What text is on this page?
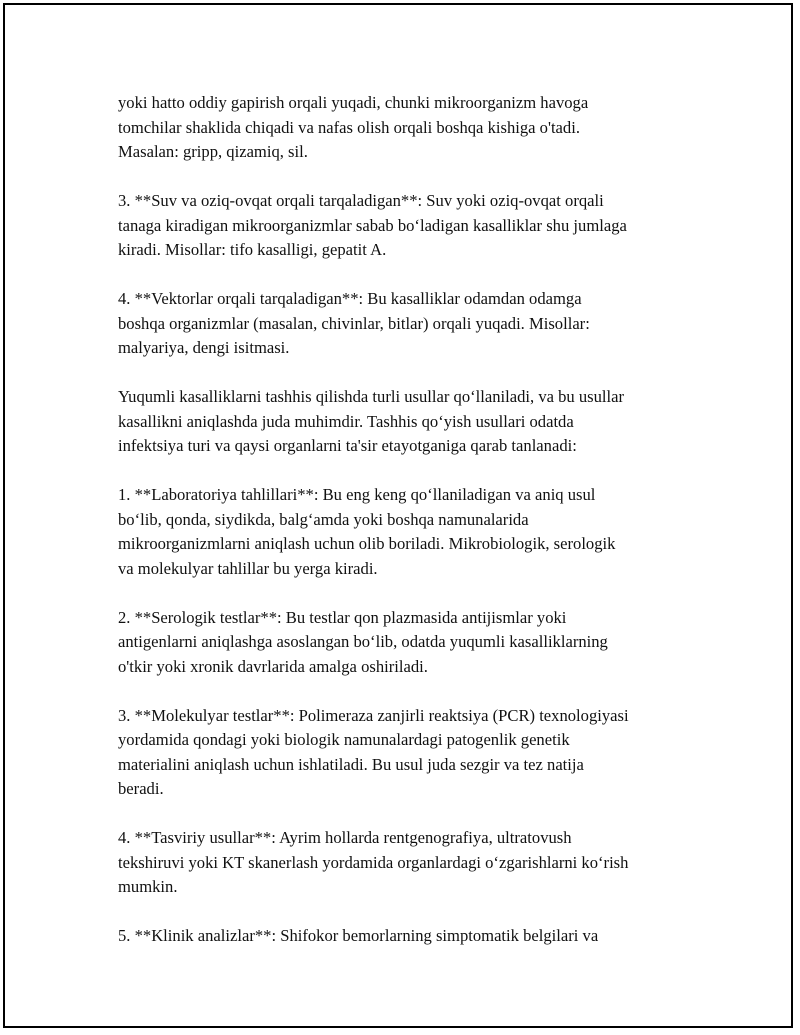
yoki hatto oddiy gapirish orqali yuqadi, chunki mikroorganizm havoga
tomchilar shaklida chiqadi va nafas olish orqali boshqa kishiga o'tadi.
Masalan: gripp, qizamiq, sil.

3. **Suv va oziq-ovqat orqali tarqaladigan**: Suv yoki oziq-ovqat orqali
tanaga kiradigan mikroorganizmlar sabab bo‘ladigan kasalliklar shu jumlaga
kiradi. Misollar: tifo kasalligi, gepatit A.

4. **Vektorlar orqali tarqaladigan**: Bu kasalliklar odamdan odamga
boshqa organizmlar (masalan, chivinlar, bitlar) orqali yuqadi. Misollar:
malyariya, dengi isitmasi.

Yuqumli kasalliklarni tashhis qilishda turli usullar qo‘llaniladi, va bu usullar
kasallikni aniqlashda juda muhimdir. Tashhis qo‘yish usullari odatda
infektsiya turi va qaysi organlarni ta'sir etayotganiga qarab tanlanadi:

1. **Laboratoriya tahlillari**: Bu eng keng qo‘llaniladigan va aniq usul
bo‘lib, qonda, siydikda, balg‘amda yoki boshqa namunalarida
mikroorganizmlarni aniqlash uchun olib boriladi. Mikrobiologik, serologik
va molekulyar tahlillar bu yerga kiradi.

2. **Serologik testlar**: Bu testlar qon plazmasida antijismlar yoki
antigenlarni aniqlashga asoslangan bo‘lib, odatda yuqumli kasalliklarning
o'tkir yoki xronik davrlarida amalga oshiriladi.

3. **Molekulyar testlar**: Polimeraza zanjirli reaktsiya (PCR) texnologiyasi
yordamida qondagi yoki biologik namunalardagi patogenlik genetik
materialini aniqlash uchun ishlatiladi. Bu usul juda sezgir va tez natija
beradi.

4. **Tasviriy usullar**: Ayrim hollarda rentgenografiya, ultratovush
tekshiruvi yoki KT skanerlash yordamida organlardagi o‘zgarishlarni ko‘rish
mumkin.

5. **Klinik analizlar**: Shifokor bemorlarning simptomatik belgilari va
